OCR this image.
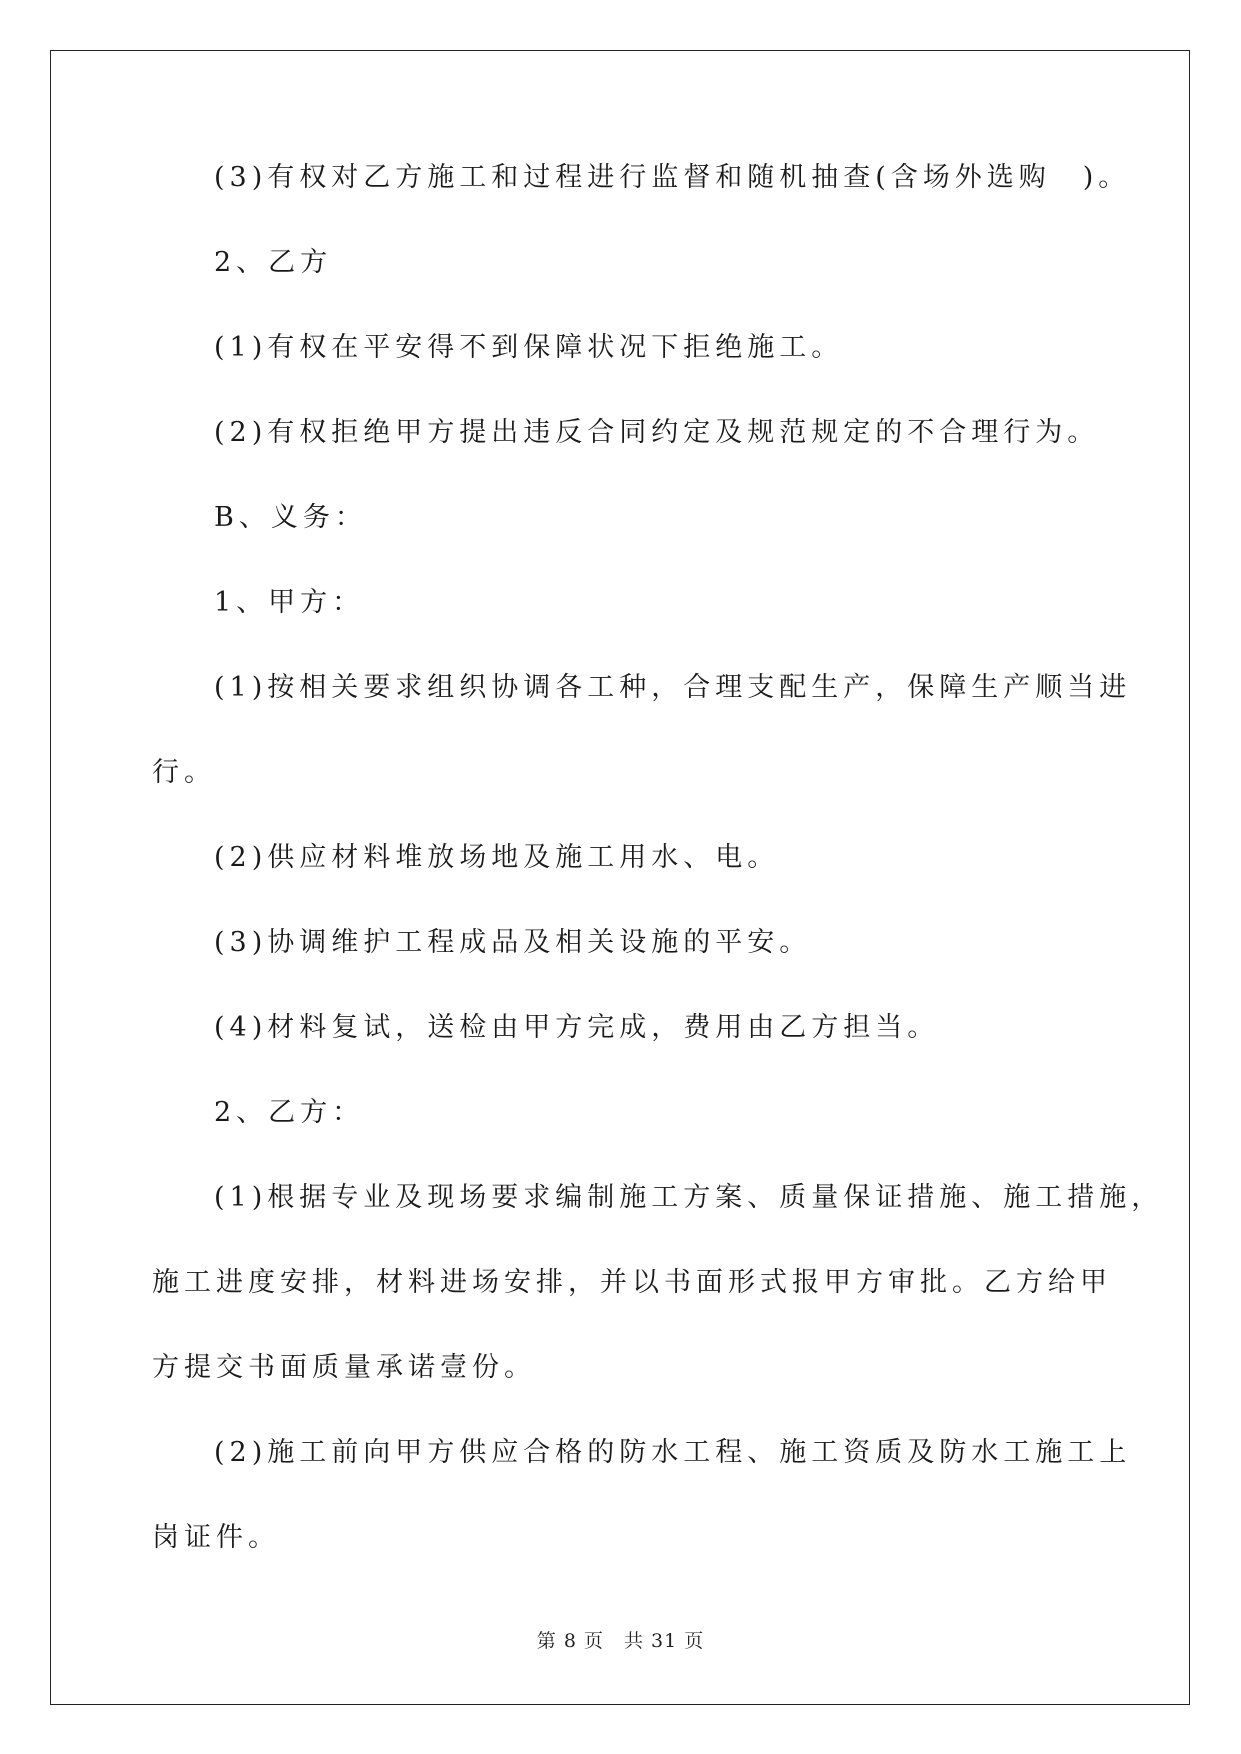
(3)有权对乙方施工和过程进行监督和随机抽查(含场外选购　)。
2、乙方
(1)有权在平安得不到保障状况下拒绝施工。
(2)有权拒绝甲方提出违反合同约定及规范规定的不合理行为。
B、义务：
1、甲方：
(1)按相关要求组织协调各工种，合理支配生产，保障生产顺当进
行。
(2)供应材料堆放场地及施工用水、电。
(3)协调维护工程成品及相关设施的平安。
(4)材料复试，送检由甲方完成，费用由乙方担当。
2、乙方：
(1)根据专业及现场要求编制施工方案、质量保证措施、施工措施，
施工进度安排，材料进场安排，并以书面形式报甲方审批。乙方给甲
方提交书面质量承诺壹份。
(2)施工前向甲方供应合格的防水工程、施工资质及防水工施工上
岗证件。
第 8 页　共 31 页
